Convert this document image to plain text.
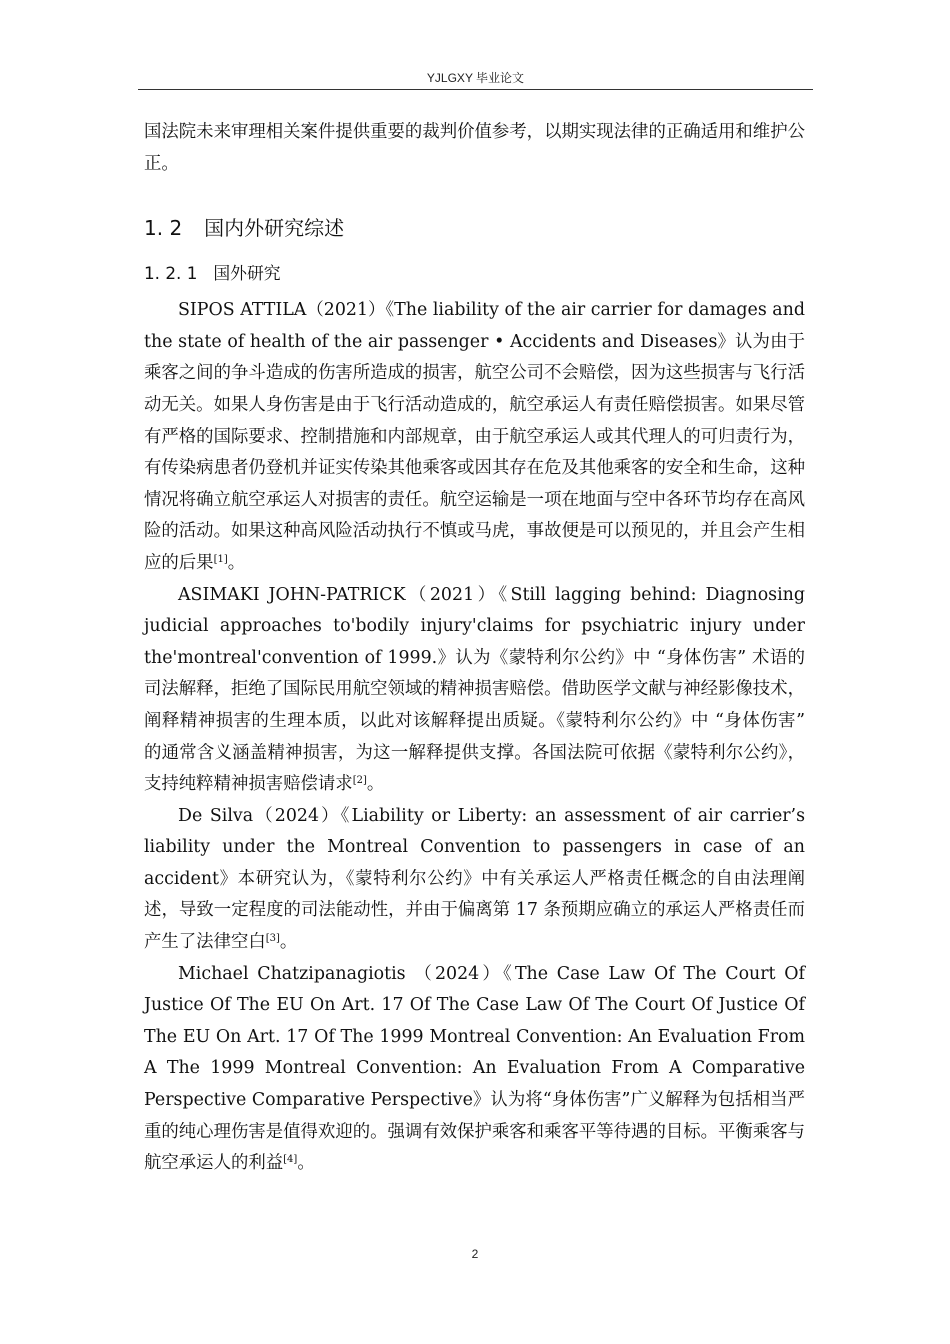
YJLGXY 毕业论文

国法院未来审理相关案件提供重要的裁判价值参考，以期实现法律的正确适用和维护公正。

1. 2 国内外研究综述
1. 2. 1 国外研究

SIPOS ATTILA（2021）《The liability of the air carrier for damages and the state of health of the air passenger • Accidents and Diseases》认为由于乘客之间的争斗造成的伤害所造成的损害，航空公司不会赔偿，因为这些损害与飞行活动无关。如果人身伤害是由于飞行活动造成的，航空承运人有责任赔偿损害。如果尽管有严格的国际要求、控制措施和内部规章，由于航空承运人或其代理人的可归责行为，有传染病患者仍登机并证实传染其他乘客或因其存在危及其他乘客的安全和生命，这种情况将确立航空承运人对损害的责任。航空运输是一项在地面与空中各环节均存在高风险的活动。如果这种高风险活动执行不慎或马虎，事故便是可以预见的，并且会产生相应的后果[1]。

ASIMAKI JOHN-PATRICK（2021）《Still lagging behind: Diagnosing judicial approaches to'bodily injury'claims for psychiatric injury under the'montreal'convention of 1999.》认为《蒙特利尔公约》中 “身体伤害” 术语的司法解释，拒绝了国际民用航空领域的精神损害赔偿。借助医学文献与神经影像技术，阐释精神损害的生理本质，以此对该解释提出质疑。《蒙特利尔公约》中 “身体伤害” 的通常含义涵盖精神损害，为这一解释提供支撑。各国法院可依据《蒙特利尔公约》，支持纯粹精神损害赔偿请求[2]。

De Silva（2024）《Liability or Liberty: an assessment of air carrier’s liability under the Montreal Convention to passengers in case of an accident》本研究认为，《蒙特利尔公约》中有关承运人严格责任概念的自由法理阐述，导致一定程度的司法能动性，并由于偏离第 17 条预期应确立的承运人严格责任而产生了法律空白[3]。

Michael Chatzipanagiotis （2024）《The Case Law Of The Court Of Justice Of The EU On Art. 17 Of The Case Law Of The Court Of Justice Of The EU On Art. 17 Of The 1999 Montreal Convention: An Evaluation From A The 1999 Montreal Convention: An Evaluation From A Comparative Perspective Comparative Perspective》认为将“身体伤害”广义解释为包括相当严重的纯心理伤害是值得欢迎的。强调有效保护乘客和乘客平等待遇的目标。平衡乘客与航空承运人的利益[4]。

2
